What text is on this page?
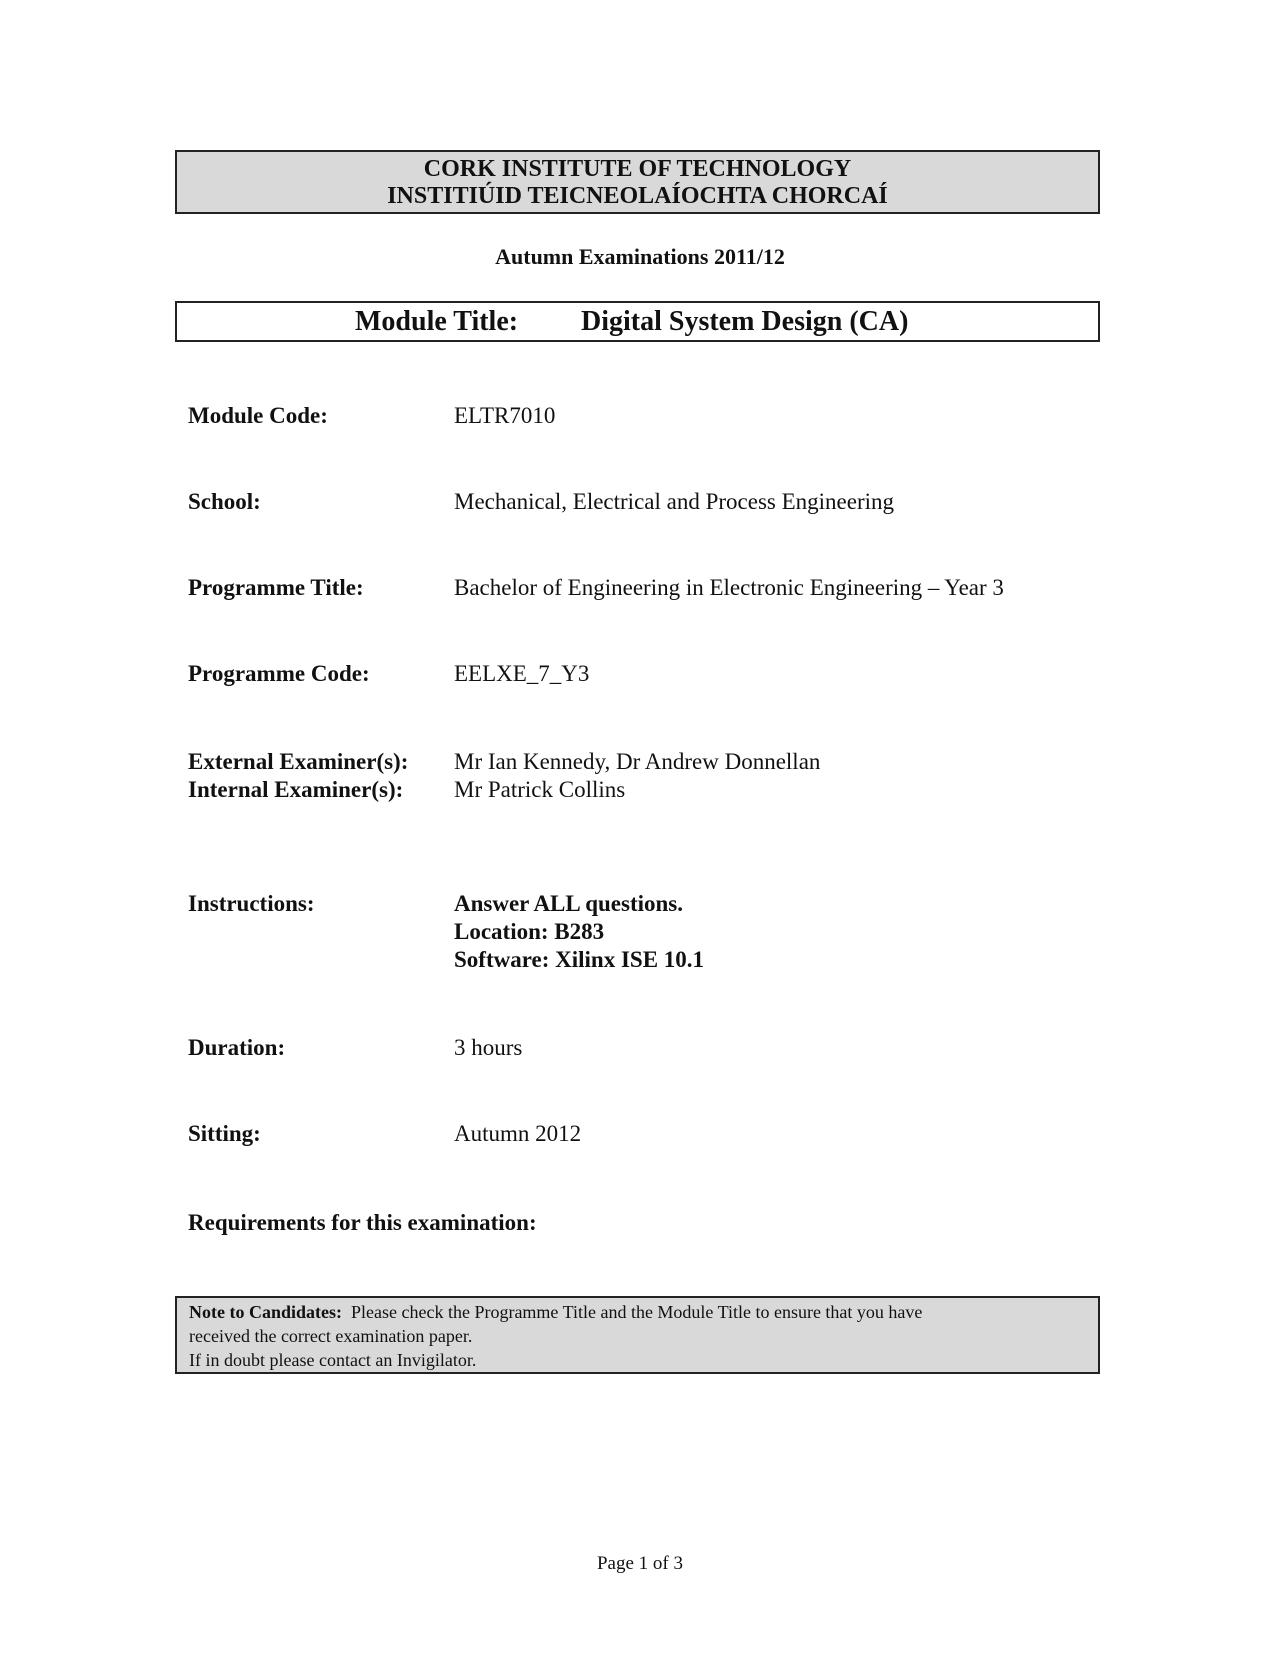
CORK INSTITUTE OF TECHNOLOGY
INSTITIÚID TEICNEOLAÍOCHTA CHORCAÍ
Autumn Examinations 2011/12
Module Title: Digital System Design (CA)
Module Code:	ELTR7010
School:	Mechanical, Electrical and Process Engineering
Programme Title:	Bachelor of Engineering in Electronic Engineering – Year 3
Programme Code:	EELXE_7_Y3
External Examiner(s): Mr Ian Kennedy, Dr Andrew Donnellan
Internal Examiner(s): Mr Patrick Collins
Instructions:	Answer ALL questions.
Location: B283
Software: Xilinx ISE 10.1
Duration:	3 hours
Sitting:	Autumn 2012
Requirements for this examination:
Note to Candidates: Please check the Programme Title and the Module Title to ensure that you have
received the correct examination paper.
If in doubt please contact an Invigilator.
Page 1 of 3
